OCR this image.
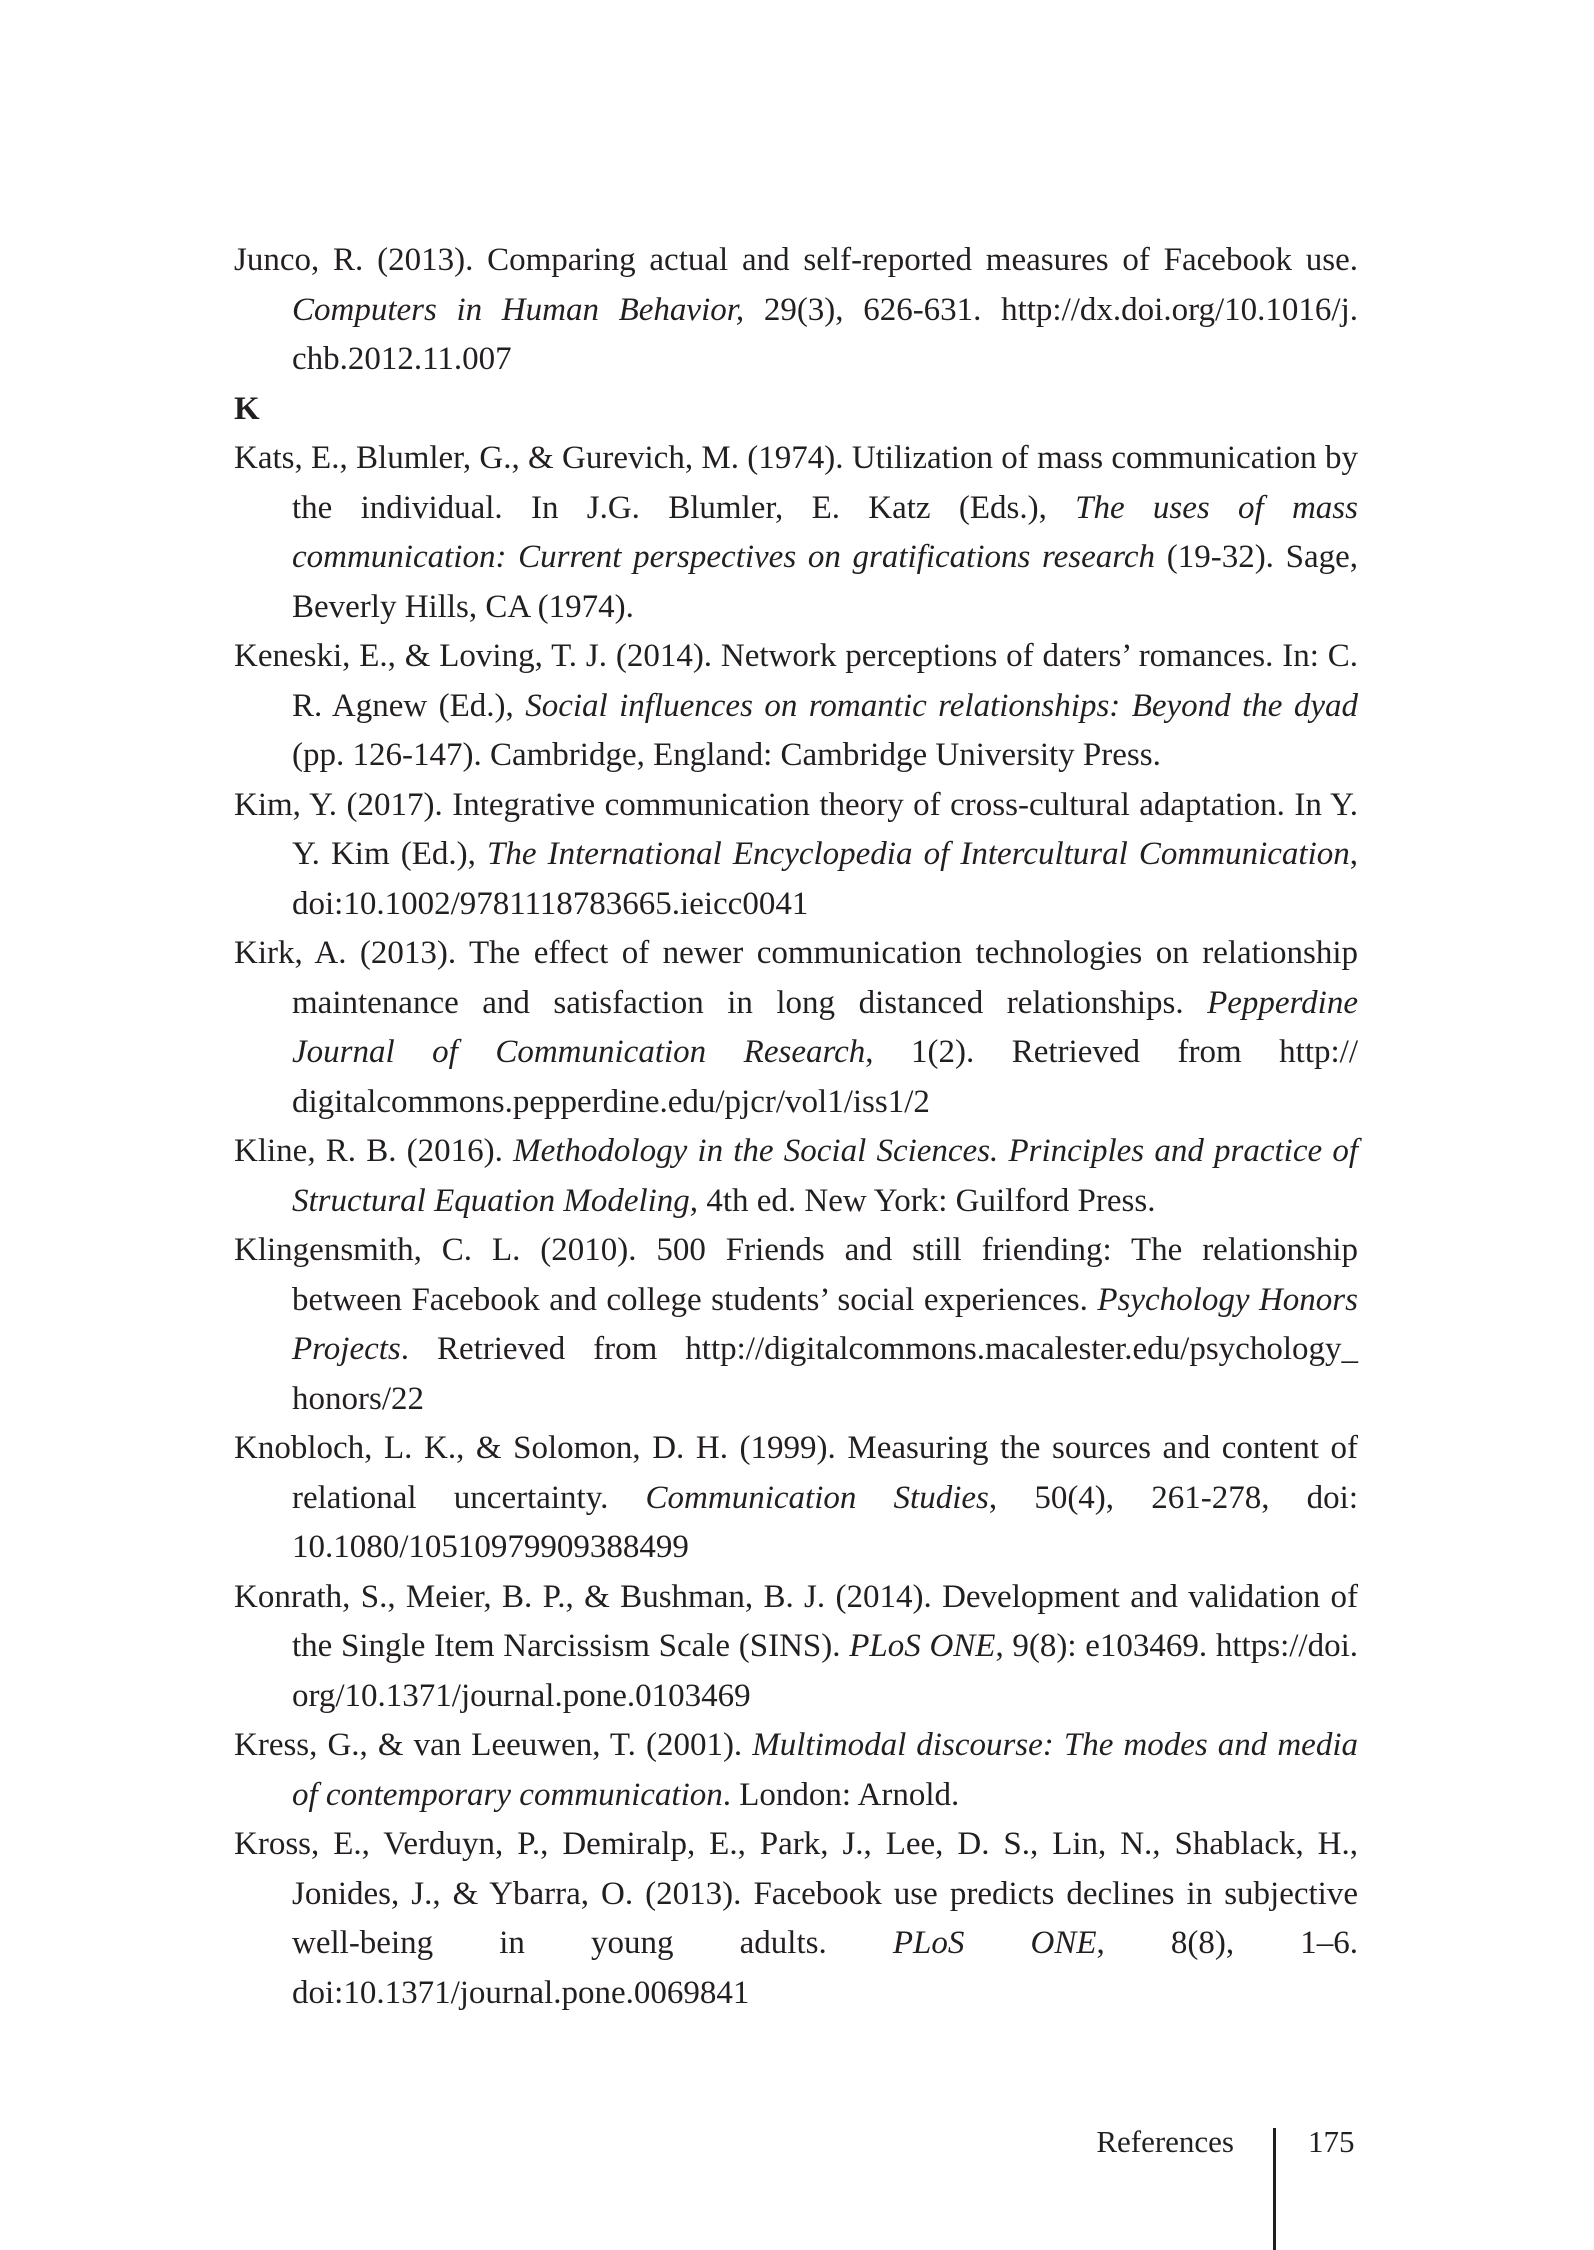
Junco, R. (2013). Comparing actual and self-reported measures of Facebook use. Computers in Human Behavior, 29(3), 626-631. http://dx.doi.org/10.1016/j. chb.2012.11.007

K

Kats, E., Blumler, G., & Gurevich, M. (1974). Utilization of mass communication by the individual. In J.G. Blumler, E. Katz (Eds.), The uses of mass communication: Current perspectives on gratifications research (19-32). Sage, Beverly Hills, CA (1974).

Keneski, E., & Loving, T. J. (2014). Network perceptions of daters’ romances. In: C. R. Agnew (Ed.), Social influences on romantic relationships: Beyond the dyad (pp. 126-147). Cambridge, England: Cambridge University Press.

Kim, Y. (2017). Integrative communication theory of cross-cultural adaptation. In Y. Y. Kim (Ed.), The International Encyclopedia of Intercultural Communication, doi:10.1002/9781118783665.ieicc0041

Kirk, A. (2013). The effect of newer communication technologies on relationship maintenance and satisfaction in long distanced relationships. Pepperdine Journal of Communication Research, 1(2). Retrieved from http:// digitalcommons.pepperdine.edu/pjcr/vol1/iss1/2

Kline, R. B. (2016). Methodology in the Social Sciences. Principles and practice of Structural Equation Modeling, 4th ed. New York: Guilford Press.

Klingensmith, C. L. (2010). 500 Friends and still friending: The relationship between Facebook and college students’ social experiences. Psychology Honors Projects. Retrieved from http://digitalcommons.macalester.edu/psychology_ honors/22

Knobloch, L. K., & Solomon, D. H. (1999). Measuring the sources and content of relational uncertainty. Communication Studies, 50(4), 261-278, doi: 10.1080/10510979909388499

Konrath, S., Meier, B. P., & Bushman, B. J. (2014). Development and validation of the Single Item Narcissism Scale (SINS). PLoS ONE, 9(8): e103469. https://doi. org/10.1371/journal.pone.0103469

Kress, G., & van Leeuwen, T. (2001). Multimodal discourse: The modes and media of contemporary communication. London: Arnold.

Kross, E., Verduyn, P., Demiralp, E., Park, J., Lee, D. S., Lin, N., Shablack, H., Jonides, J., & Ybarra, O. (2013). Facebook use predicts declines in subjective well-being in young adults. PLoS ONE, 8(8), 1–6. doi:10.1371/journal.pone.0069841

References 175
